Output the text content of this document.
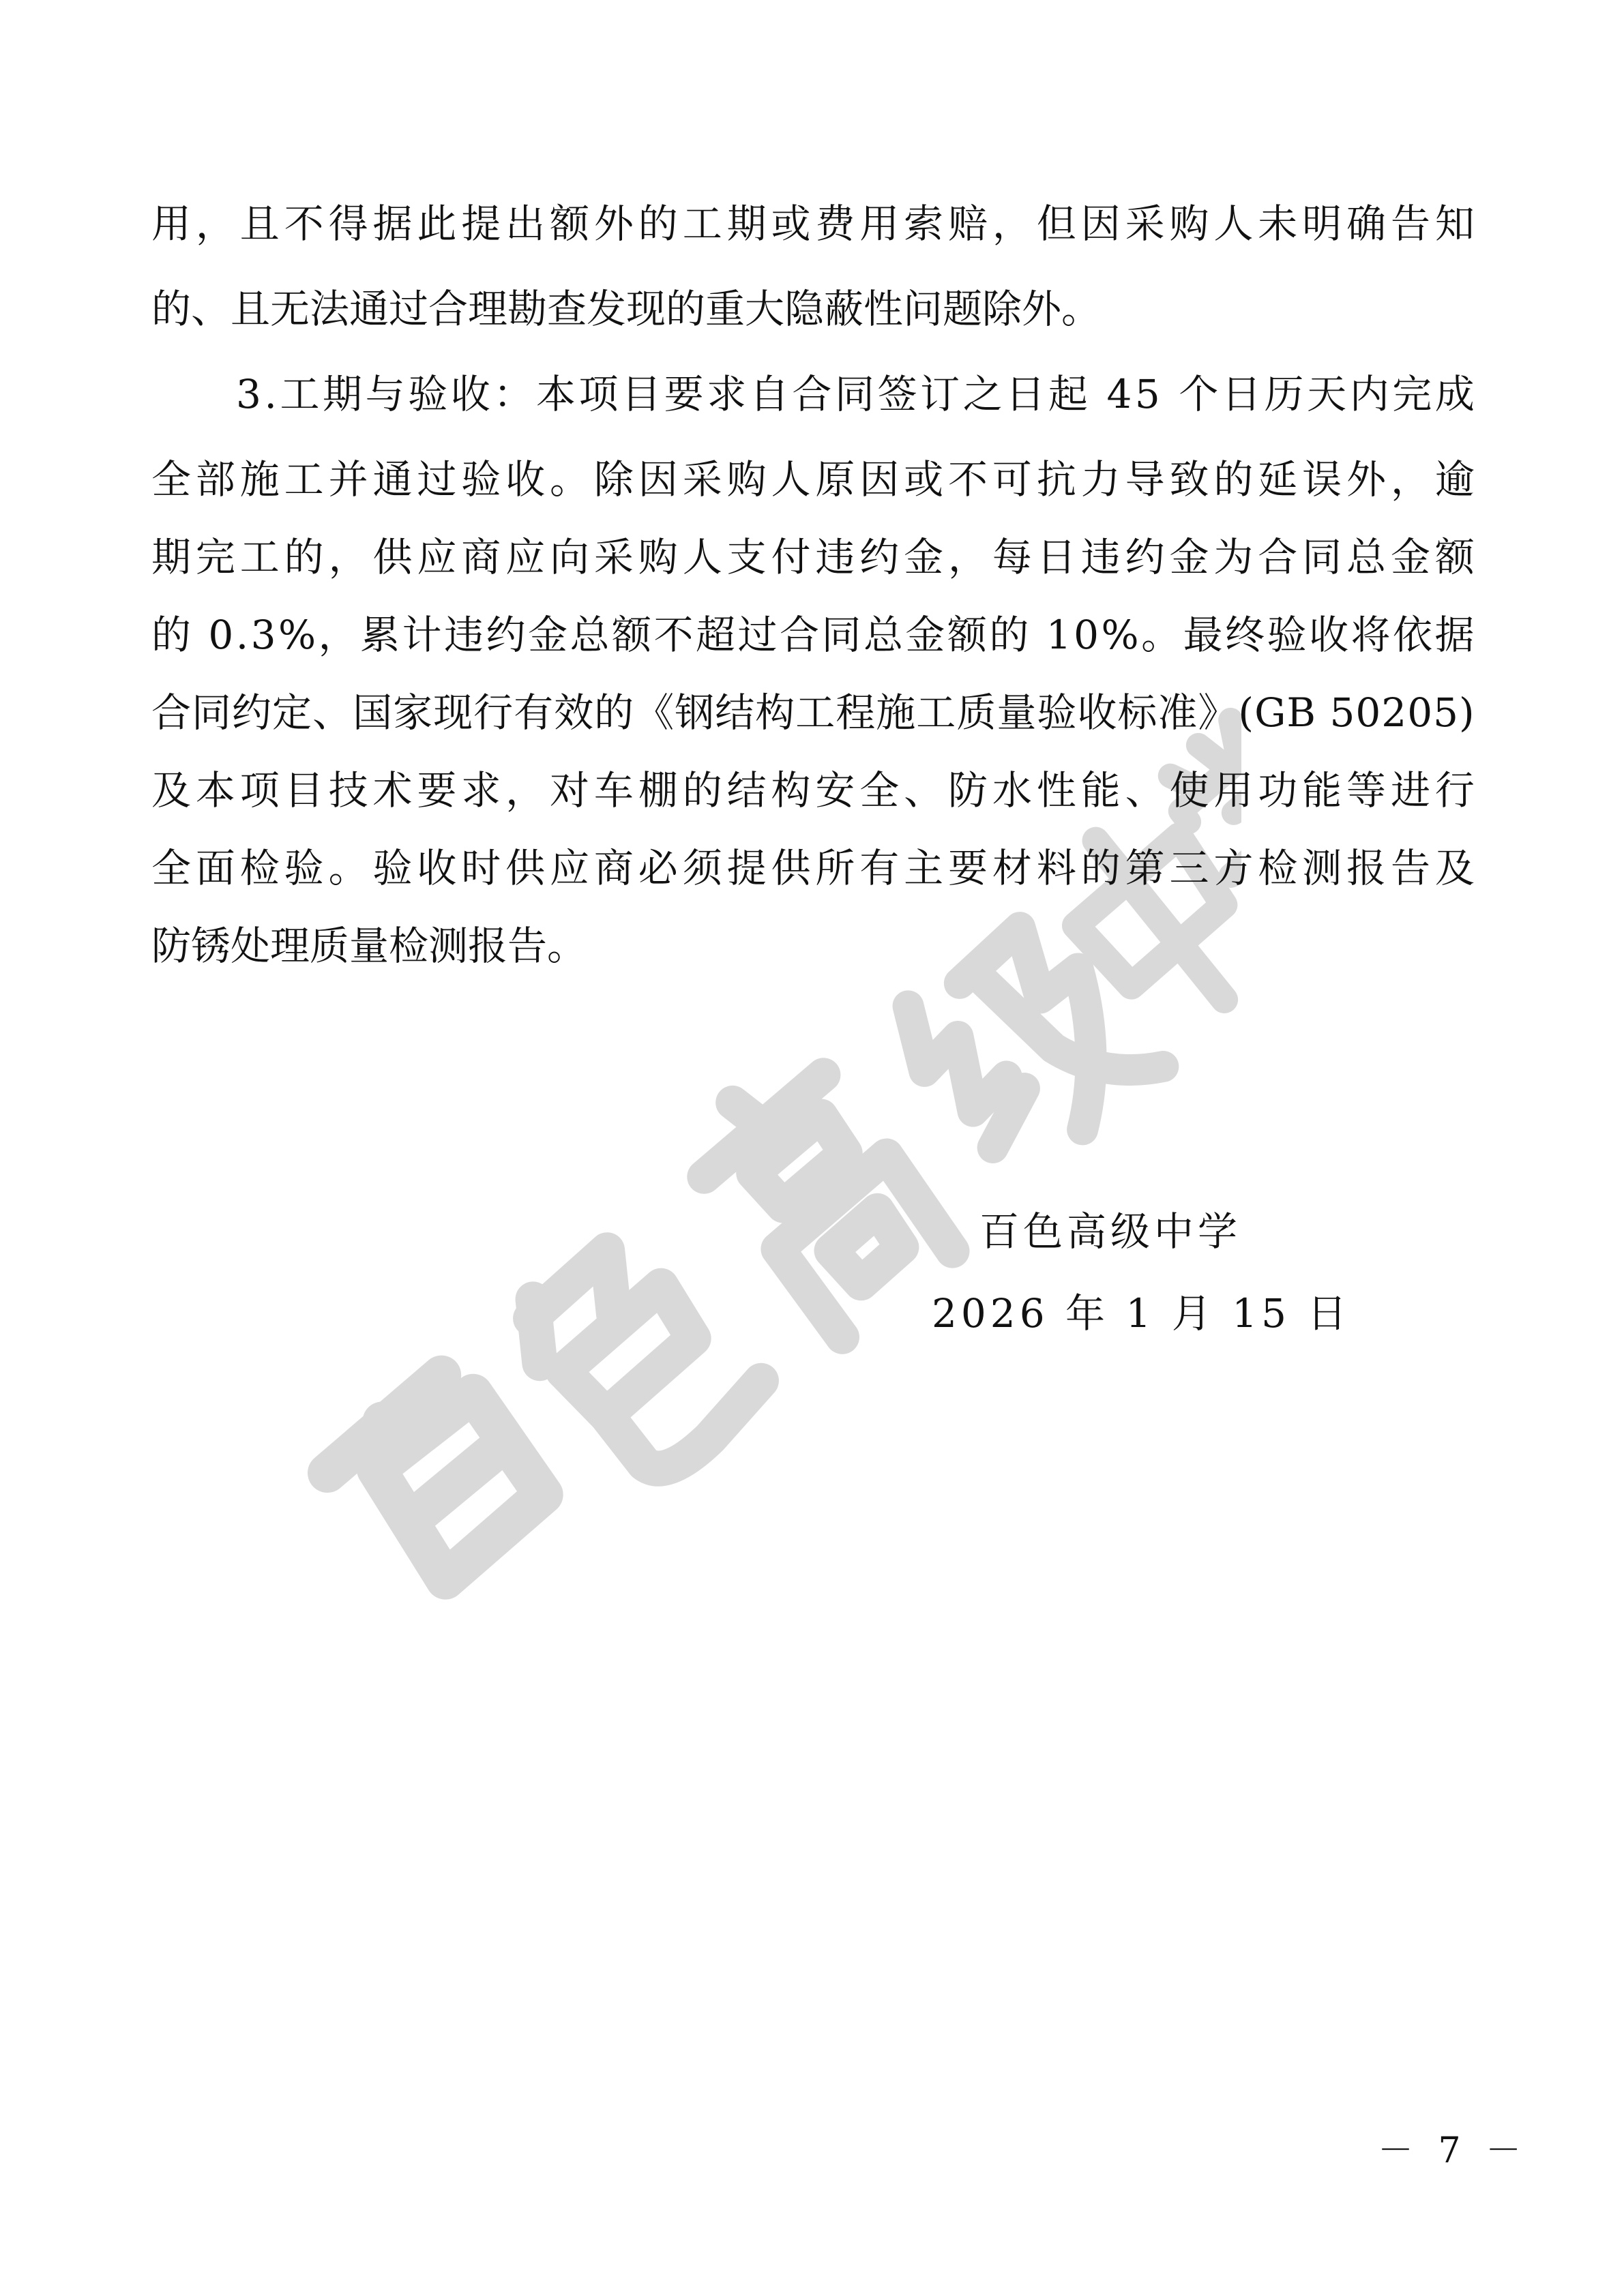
用 ， 且 不 得 据 此 提 出 额 外 的 工 期 或 费 用 索 赔 ， 但 因 采 购 人 未 明 确 告 知
的、且无法通过合理勘查发现的重大隐蔽性问题除外。
3 . 工 期 与 验 收 ： 本 项 目 要 求 自 合 同 签 订 之 日 起
4 5
个 日 历 天 内 完 成
全 部 施 工 并 通 过 验 收 。 除 因 采 购 人 原 因 或 不 可 抗 力 导 致 的 延 误 外 ， 逾
期 完 工 的 ， 供 应 商 应 向 采 购 人 支 付 违 约 金 ， 每 日 违 约 金 为 合 同 总 金 额
的
0 . 3 % ， 累 计 违 约 金 总 额 不 超 过 合 同 总 金 额 的
1 0 % 。 最 终 验 收 将 依 据
合 同 约 定 、 国 家 现 行 有 效 的 《 钢 结 构 工 程 施 工 质 量 验 收 标 准 》 ( G B
5 0 2 0 5 )
及 本 项 目 技 术 要 求 ， 对 车 棚 的 结 构 安 全 、 防 水 性 能 、 使 用 功 能 等 进 行
全 面 检 验 。 验 收 时 供 应 商 必 须 提 供 所 有 主 要 材 料 的 第 三 方 检 测 报 告 及
防锈处理质量检测报告。
百色高级中学
2026 年 1 月 15 日
－ 7 －
